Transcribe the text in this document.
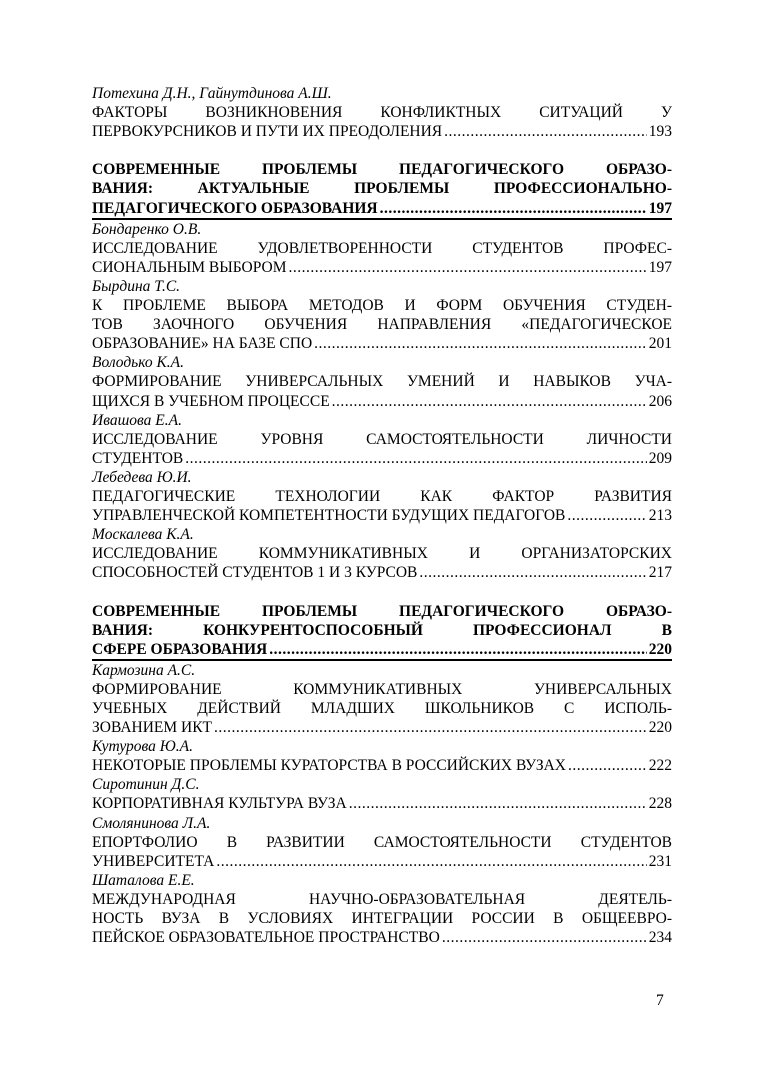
Потехина Д.Н., Гайнутдинова А.Ш.
ФАКТОРЫ ВОЗНИКНОВЕНИЯ КОНФЛИКТНЫХ СИТУАЦИЙ У
ПЕРВОКУРСНИКОВ И ПУТИ ИХ ПРЕОДОЛЕНИЯ .....	193
СОВРЕМЕННЫЕ ПРОБЛЕМЫ ПЕДАГОГИЧЕСКОГО ОБРАЗО-
ВАНИЯ: АКТУАЛЬНЫЕ ПРОБЛЕМЫ ПРОФЕССИОНАЛЬНО-
ПЕДАГОГИЧЕСКОГО ОБРАЗОВАНИЯ .....	197
Бондаренко О.В.
ИССЛЕДОВАНИЕ УДОВЛЕТВОРЕННОСТИ СТУДЕНТОВ ПРОФЕС-
СИОНАЛЬНЫМ ВЫБОРОМ .....	197
Быpдина Т.С.
К ПРОБЛЕМЕ ВЫБОРА МЕТОДОВ И ФОРМ ОБУЧЕНИЯ СТУДЕН-
ТОВ ЗАОЧНОГО ОБУЧЕНИЯ НАПРАВЛЕНИЯ «ПЕДАГОГИЧЕСКОЕ
ОБРАЗОВАНИЕ» НА БАЗЕ СПО .....	201
Володько К.А.
ФОРМИРОВАНИЕ УНИВЕРСАЛЬНЫХ УМЕНИЙ И НАВЫКОВ УЧА-
ЩИХСЯ В УЧЕБНОМ ПРОЦЕССЕ .....	206
Ивашова Е.А.
ИССЛЕДОВАНИЕ УРОВНЯ САМОСТОЯТЕЛЬНОСТИ ЛИЧНОСТИ
СТУДЕНТОВ .....	209
Лебедева Ю.И.
ПЕДАГОГИЧЕСКИЕ ТЕХНОЛОГИИ КАК ФАКТОР РАЗВИТИЯ
УПРАВЛЕНЧЕСКОЙ КОМПЕТЕНТНОСТИ БУДУЩИХ ПЕДАГОГОВ .....	213
Москалева К.А.
ИССЛЕДОВАНИЕ КОММУНИКАТИВНЫХ И ОРГАНИЗАТОРСКИХ
СПОСОБНОСТЕЙ СТУДЕНТОВ 1 И 3 КУРСОВ .....	217
СОВРЕМЕННЫЕ ПРОБЛЕМЫ ПЕДАГОГИЧЕСКОГО ОБРАЗО-
ВАНИЯ: КОНКУРЕНТОСПОСОБНЫЙ ПРОФЕССИОНАЛ В
СФЕРЕ ОБРАЗОВАНИЯ .....	220
Кармозина А.С.
ФОРМИРОВАНИЕ КОММУНИКАТИВНЫХ УНИВЕРСАЛЬНЫХ
УЧЕБНЫХ ДЕЙСТВИЙ МЛАДШИХ ШКОЛЬНИКОВ С ИСПОЛЬ-
ЗОВАНИЕМ ИКТ .....	220
Кутурова Ю.А.
НЕКОТОРЫЕ ПРОБЛЕМЫ КУРАТОРСТВА В РОССИЙСКИХ ВУЗАХ .....	222
Сиротинин Д.С.
КОРПОРАТИВНАЯ КУЛЬТУРА ВУЗА .....	228
Смолянинова Л.А.
ЕПОРТФОЛИО В РАЗВИТИИ САМОСТОЯТЕЛЬНОСТИ СТУДЕНТОВ
УНИВЕРСИТЕТА .....	231
Шаталова Е.Е.
МЕЖДУНАРОДНАЯ НАУЧНО-ОБРАЗОВАТЕЛЬНАЯ ДЕЯТЕЛЬ-
НОСТЬ ВУЗА В УСЛОВИЯХ ИНТЕГРАЦИИ РОССИИ В ОБЩЕЕВРО-
ПЕЙСКОЕ ОБРАЗОВАТЕЛЬНОЕ ПРОСТРАНСТВО .....	234
7
